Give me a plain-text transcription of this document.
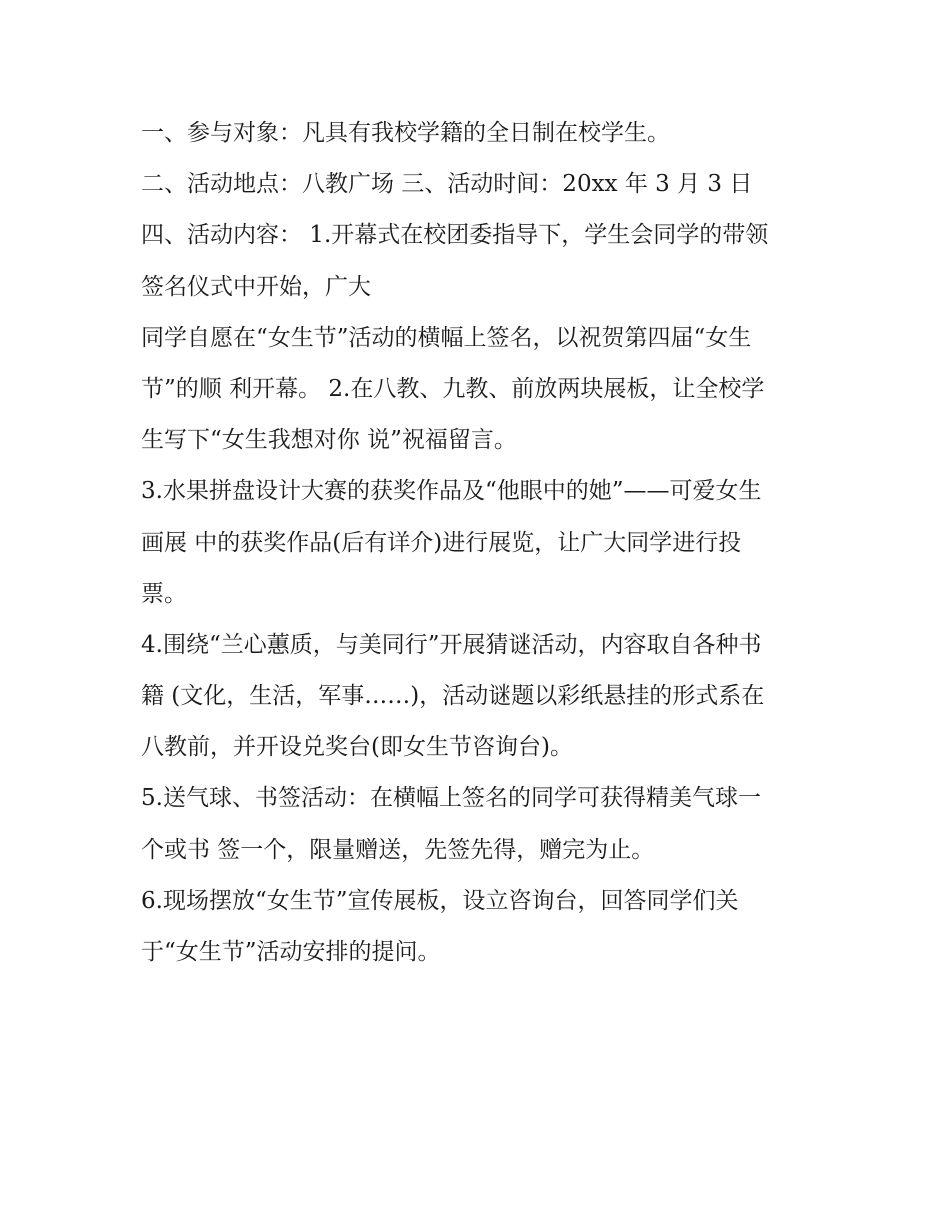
一、参与对象：凡具有我校学籍的全日制在校学生。
二、活动地点：八教广场 三、活动时间：20xx 年 3 月 3 日
四、活动内容： 1.开幕式在校团委指导下，学生会同学的带领
签名仪式中开始，广大
同学自愿在“女生节”活动的横幅上签名，以祝贺第四届“女生
节”的顺 利开幕。 2.在八教、九教、前放两块展板，让全校学
生写下“女生我想对你 说”祝福留言。
3.水果拼盘设计大赛的获奖作品及“他眼中的她”——可爱女生
画展 中的获奖作品(后有详介)进行展览，让广大同学进行投
票。
4.围绕“兰心蕙质，与美同行”开展猜谜活动，内容取自各种书
籍 (文化，生活，军事……)，活动谜题以彩纸悬挂的形式系在
八教前，并开设兑奖台(即女生节咨询台)。
5.送气球、书签活动：在横幅上签名的同学可获得精美气球一
个或书 签一个，限量赠送，先签先得，赠完为止。
6.现场摆放“女生节”宣传展板，设立咨询台，回答同学们关
于“女生节”活动安排的提问。
